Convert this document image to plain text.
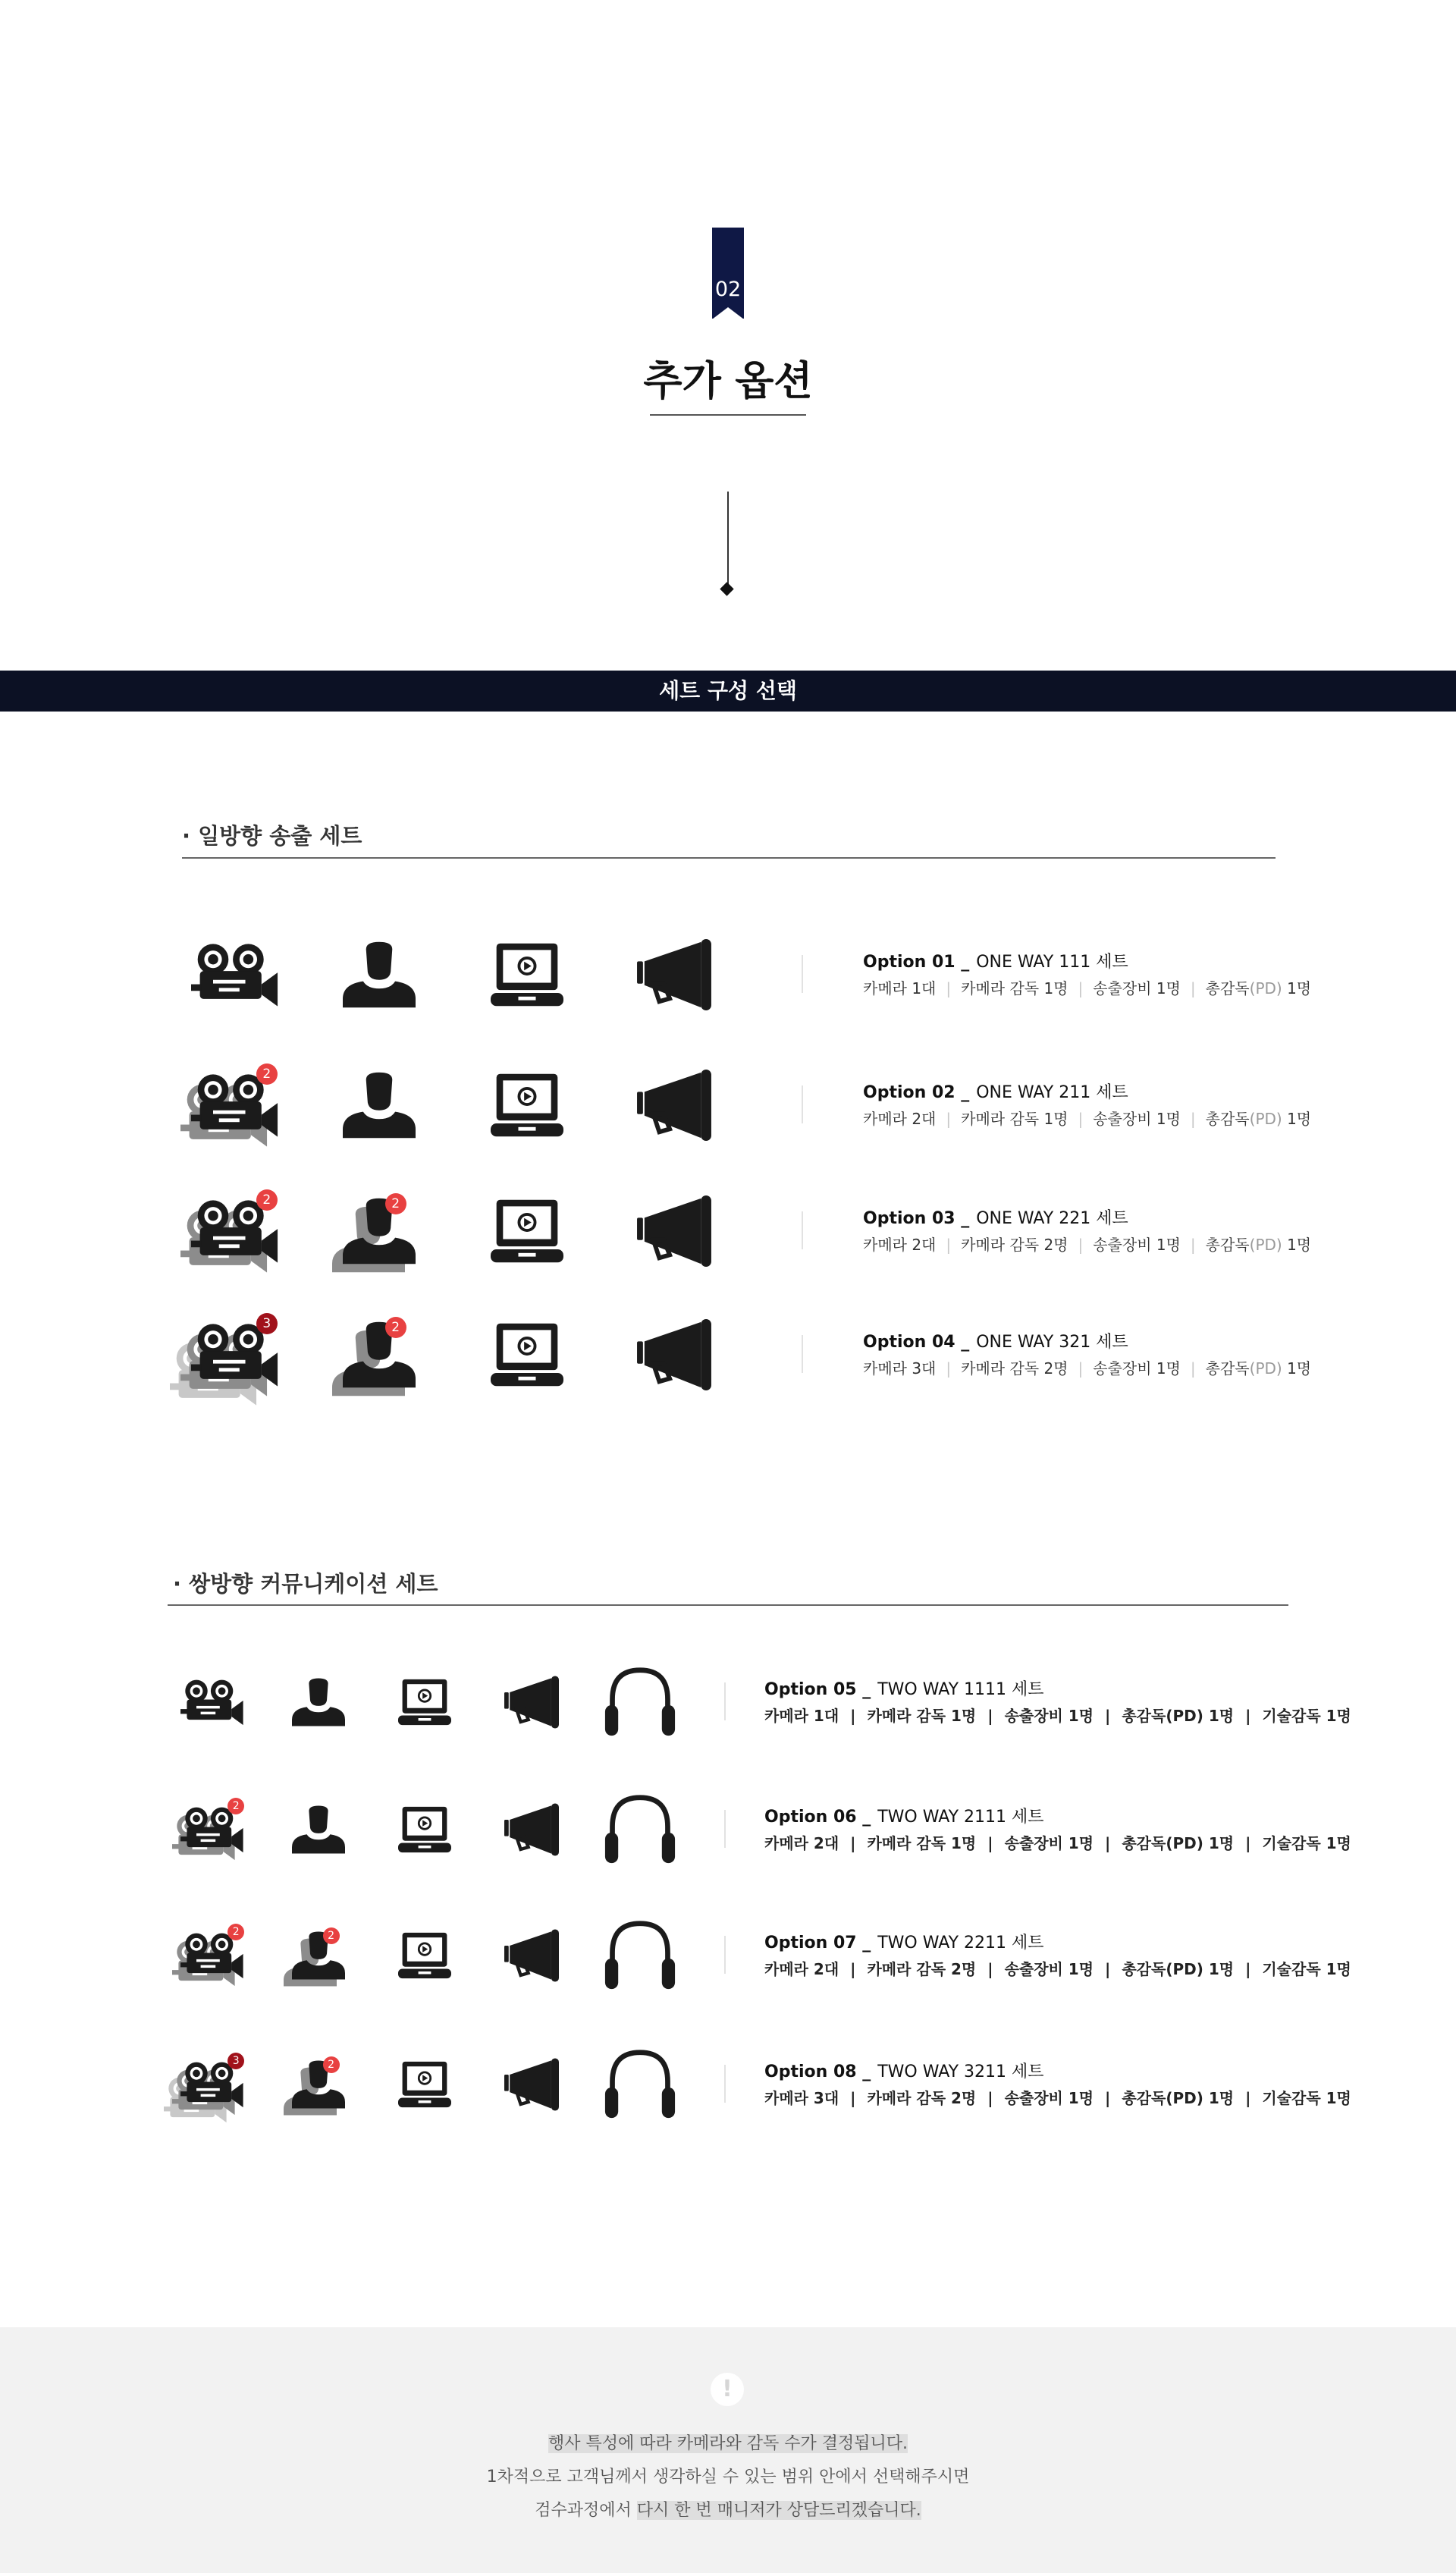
02
추가 옵션
세트 구성 선택
· 일방향 송출 세트
Option 01 _ ONE WAY 111 세트
카메라 1대 | 카메라 감독 1명 | 송출장비 1명 | 총감독(PD) 1명
2
Option 02 _ ONE WAY 211 세트
카메라 2대 | 카메라 감독 1명 | 송출장비 1명 | 총감독(PD) 1명
2	2
Option 03 _ ONE WAY 221 세트
카메라 2대 | 카메라 감독 2명 | 송출장비 1명 | 총감독(PD) 1명
3	2
Option 04 _ ONE WAY 321 세트
카메라 3대 | 카메라 감독 2명 | 송출장비 1명 | 총감독(PD) 1명
· 쌍방향 커뮤니케이션 세트
Option 05 _ TWO WAY 1111 세트
카메라 1대 | 카메라 감독 1명 | 송출장비 1명 | 총감독(PD) 1명 | 기술감독 1명
2
Option 06 _ TWO WAY 2111 세트
카메라 2대 | 카메라 감독 1명 | 송출장비 1명 | 총감독(PD) 1명 | 기술감독 1명
2	2	Option 07 _ TWO WAY 2211 세트
카메라 2대 | 카메라 감독 2명 | 송출장비 1명 | 총감독(PD) 1명 | 기술감독 1명
3	2	Option 08 _ TWO WAY 3211 세트
카메라 3대 | 카메라 감독 2명 | 송출장비 1명 | 총감독(PD) 1명 | 기술감독 1명
!
행사 특성에 따라 카메라와 감독 수가 결정됩니다.
1차적으로 고객님께서 생각하실 수 있는 범위 안에서 선택해주시면
검수과정에서 다시 한 번 매니저가 상담드리겠습니다.
